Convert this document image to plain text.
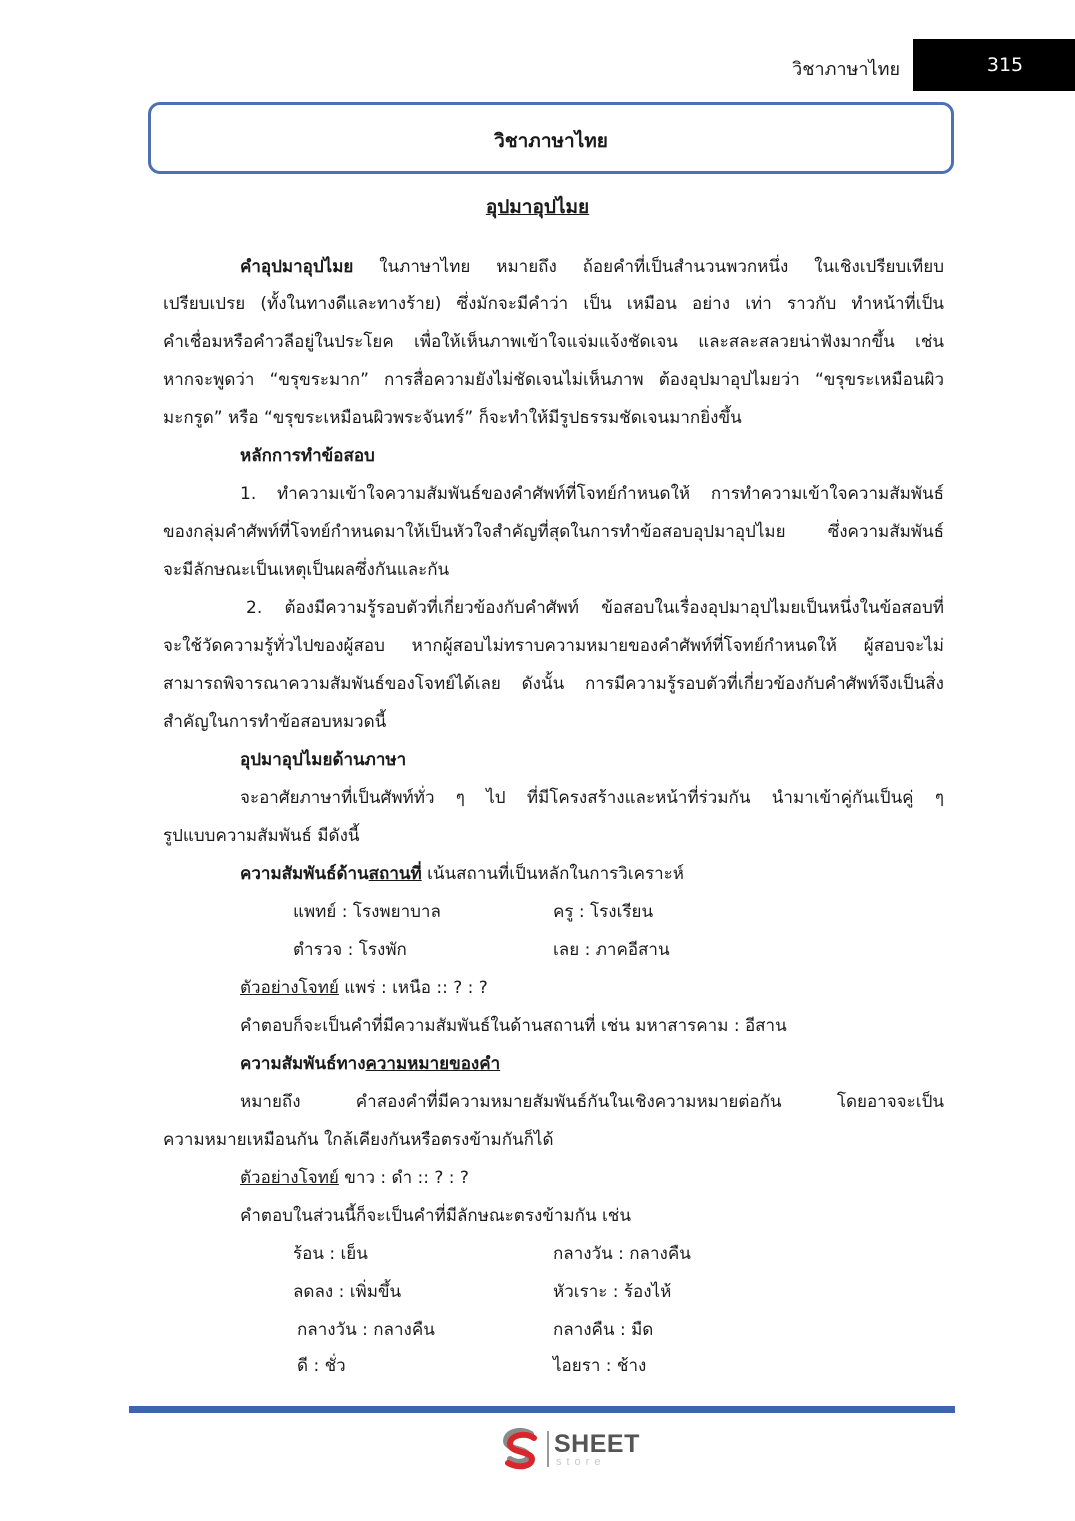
วิชาภาษาไทย	315
วิชาภาษาไทย
อุปมาอุปไมย
คำอุปมาอุปไมย ในภาษาไทย หมายถึง ถ้อยคำที่เป็นสำนวนพวกหนึ่ง ในเชิงเปรียบเทียบ
เปรียบเปรย (ทั้งในทางดีและทางร้าย) ซึ่งมักจะมีคำว่า เป็น เหมือน อย่าง เท่า ราวกับ ทำหน้าที่เป็น
คำเชื่อมหรือคำวลีอยู่ในประโยค เพื่อให้เห็นภาพเข้าใจแจ่มแจ้งชัดเจน และสละสลวยน่าฟังมากขึ้น เช่น
หากจะพูดว่า “ขรุขระมาก” การสื่อความยังไม่ชัดเจนไม่เห็นภาพ ต้องอุปมาอุปไมยว่า “ขรุขระเหมือนผิว
มะกรูด” หรือ “ขรุขระเหมือนผิวพระจันทร์” ก็จะทำให้มีรูปธรรมชัดเจนมากยิ่งขึ้น
หลักการทำข้อสอบ
1. ทำความเข้าใจความสัมพันธ์ของคำศัพท์ที่โจทย์กำหนดให้ การทำความเข้าใจความสัมพันธ์
ของกลุ่มคำศัพท์ที่โจทย์กำหนดมาให้เป็นหัวใจสำคัญที่สุดในการทำข้อสอบอุปมาอุปไมย ซึ่งความสัมพันธ์
จะมีลักษณะเป็นเหตุเป็นผลซึ่งกันและกัน
2. ต้องมีความรู้รอบตัวที่เกี่ยวข้องกับคำศัพท์ ข้อสอบในเรื่องอุปมาอุปไมยเป็นหนึ่งในข้อสอบที่
จะใช้วัดความรู้ทั่วไปของผู้สอบ หากผู้สอบไม่ทราบความหมายของคำศัพท์ที่โจทย์กำหนดให้ ผู้สอบจะไม่
สามารถพิจารณาความสัมพันธ์ของโจทย์ได้เลย ดังนั้น การมีความรู้รอบตัวที่เกี่ยวข้องกับคำศัพท์จึงเป็นสิ่ง
สำคัญในการทำข้อสอบหมวดนี้
อุปมาอุปไมยด้านภาษา
จะอาศัยภาษาที่เป็นศัพท์ทั่ว ๆ ไป ที่มีโครงสร้างและหน้าที่ร่วมกัน นำมาเข้าคู่กันเป็นคู่ ๆ
รูปแบบความสัมพันธ์ มีดังนี้
ความสัมพันธ์ด้านสถานที่ เน้นสถานที่เป็นหลักในการวิเคราะห์
แพทย์ : โรงพยาบาล	ครู : โรงเรียน
ตำรวจ : โรงพัก	เลย : ภาคอีสาน
ตัวอย่างโจทย์ แพร่ : เหนือ :: ? : ?
คำตอบก็จะเป็นคำที่มีความสัมพันธ์ในด้านสถานที่ เช่น มหาสารคาม : อีสาน
ความสัมพันธ์ทางความหมายของคำ
หมายถึง คำสองคำที่มีความหมายสัมพันธ์กันในเชิงความหมายต่อกัน โดยอาจจะเป็น
ความหมายเหมือนกัน ใกล้เคียงกันหรือตรงข้ามกันก็ได้
ตัวอย่างโจทย์ ขาว : ดำ :: ? : ?
คำตอบในส่วนนี้ก็จะเป็นคำที่มีลักษณะตรงข้ามกัน เช่น
ร้อน : เย็น	กลางวัน : กลางคืน
ลดลง : เพิ่มขึ้น	หัวเราะ : ร้องไห้
กลางวัน : กลางคืน	กลางคืน : มืด
ดี : ชั่ว	ไอยรา : ช้าง
SHEET
store
